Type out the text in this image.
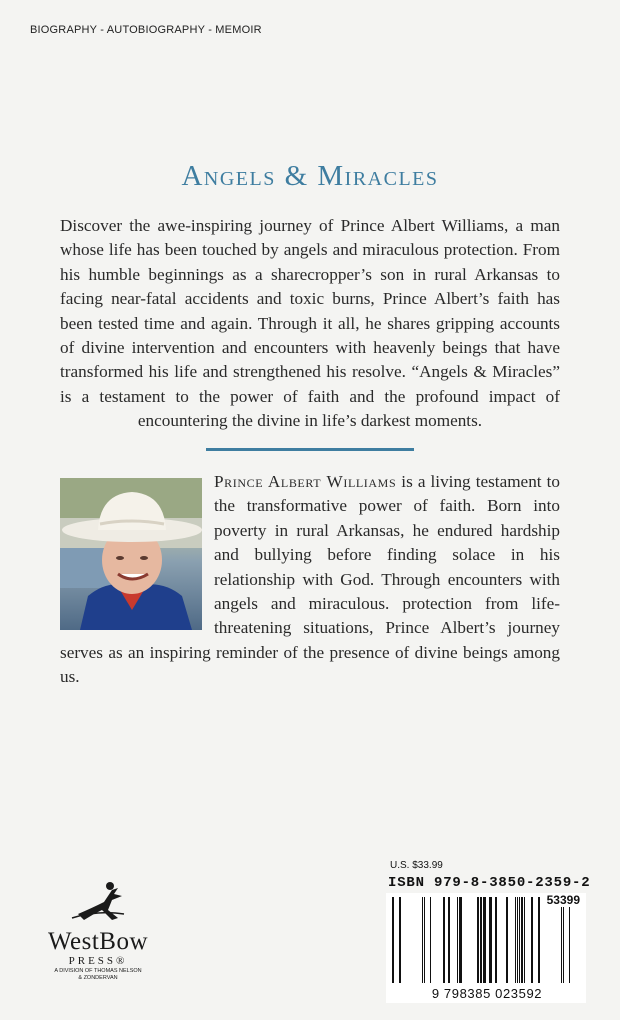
BIOGRAPHY - AUTOBIOGRAPHY - MEMOIR
Angels & Miracles

Discover the awe-inspiring journey of Prince Albert Williams, a man whose life has been touched by angels and miraculous protection. From his humble beginnings as a sharecropper’s son in rural Arkansas to facing near-fatal accidents and toxic burns, Prince Albert’s faith has been tested time and again. Through it all, he shares gripping accounts of divine intervention and encounters with heavenly beings that have transformed his life and strengthened his resolve. “Angels & Miracles” is a testament to the power of faith and the profound impact of encountering the divine in life’s darkest moments.

Prince Albert Williams is a living testament to the transformative power of faith. Born into poverty in rural Arkansas, he endured hardship and bullying before finding solace in his relationship with God. Through encounters with angels and miraculous. protection from life-threatening situations, Prince Albert’s journey serves as an inspiring reminder of the presence of divine beings among us.
U.S. $33.99
ISBN 979-8-3850-2359-2
53399
9 798385 023592
WestBow
PRESS®
A DIVISION OF THOMAS NELSON
& ZONDERVAN
